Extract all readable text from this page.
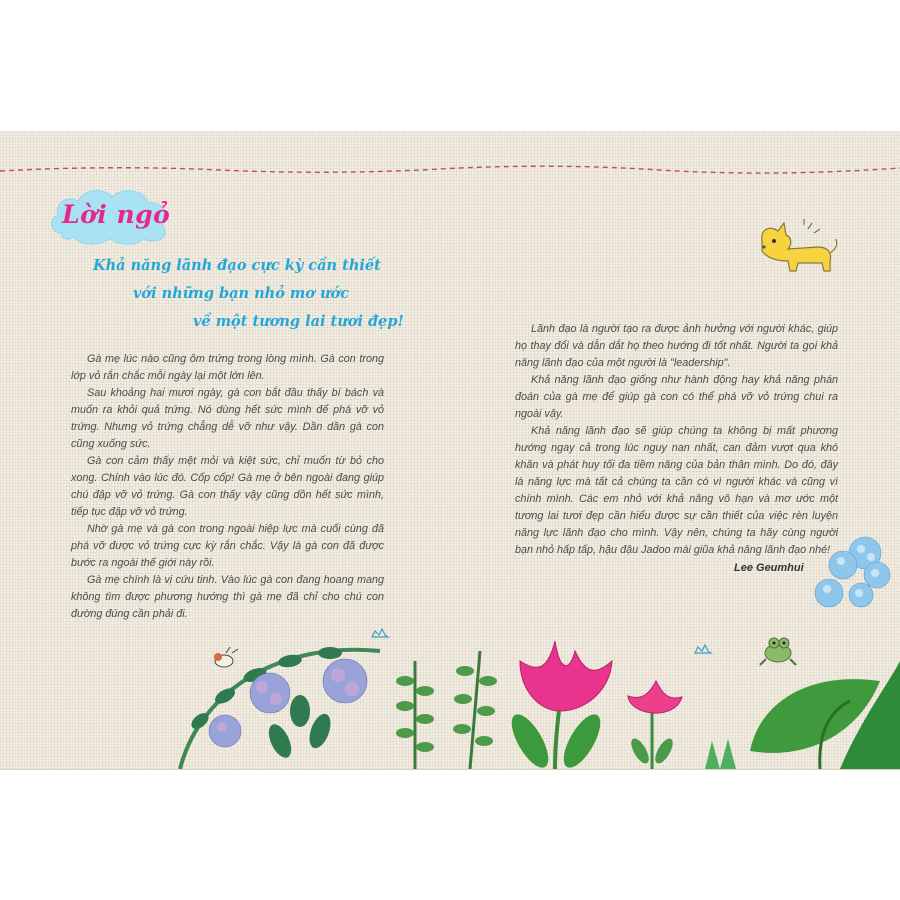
Lời ngỏ
Khả năng lãnh đạo cực kỳ cần thiết
với những bạn nhỏ mơ ước
về một tương lai tươi đẹp!

Gà mẹ lúc nào cũng ôm trứng trong lòng mình. Gà con trong lớp vỏ rắn chắc mỗi ngày lại một lớn lên.

Sau khoảng hai mươi ngày, gà con bắt đầu thấy bí bách và muốn ra khỏi quả trứng. Nó dùng hết sức mình để phá vỡ vỏ trứng. Nhưng vỏ trứng chẳng dễ vỡ như vậy. Dần dần gà con cũng xuống sức.

Gà con cảm thấy mệt mỏi và kiệt sức, chỉ muốn từ bỏ cho xong. Chính vào lúc đó. Cốp cốp! Gà mẹ ở bên ngoài đang giúp chú đập vỡ vỏ trứng. Gà con thấy vậy cũng dồn hết sức mình, tiếp tục đập vỡ vỏ trứng.

Nhờ gà mẹ và gà con trong ngoài hiệp lực mà cuối cùng đã phá vỡ được vỏ trứng cực kỳ rắn chắc. Vậy là gà con đã được bước ra ngoài thế giới này rồi.

Gà mẹ chính là vị cứu tinh. Vào lúc gà con đang hoang mang không tìm được phương hướng thì gà mẹ đã chỉ cho chú con đường đúng cần phải đi.

Lãnh đạo là người tạo ra được ảnh hưởng với người khác, giúp họ thay đổi và dẫn dắt họ theo hướng đi tốt nhất. Người ta gọi khả năng lãnh đạo của một người là "leadership".

Khả năng lãnh đạo giống như hành động hay khả năng phán đoán của gà mẹ để giúp gà con có thể phá vỡ vỏ trứng chui ra ngoài vậy.

Khả năng lãnh đạo sẽ giúp chúng ta không bị mất phương hướng ngay cả trong lúc nguy nan nhất, can đảm vượt qua khó khăn và phát huy tối đa tiềm năng của bản thân mình. Do đó, đây là năng lực mà tất cả chúng ta cần có vì người khác và cũng vì chính mình. Các em nhỏ với khả năng vô hạn và mơ ước một tương lai tươi đẹp cần hiểu được sự cần thiết của việc rèn luyện năng lực lãnh đạo cho mình. Vậy nên, chúng ta hãy cùng người bạn nhỏ hấp tấp, hậu đậu Jadoo mài giũa khả năng lãnh đạo nhé!

Lee Geumhui
